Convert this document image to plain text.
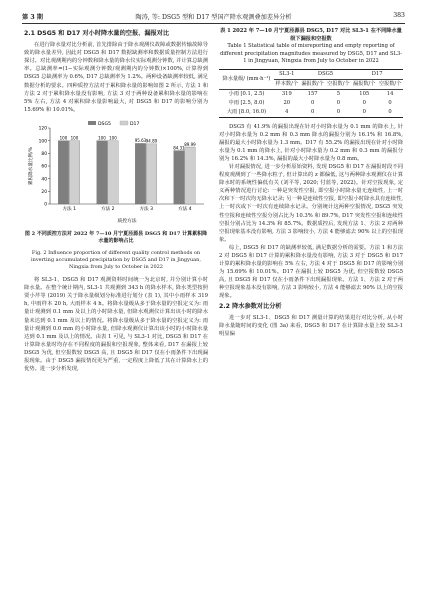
第 3 期	陶涛, 等: DSG5 型和 D17 型国产降水观测叠加差异分析	383
2.1 DSG5 和 D17 对小时降水量的空报、漏报对比

在进行降水量对比分析前, 首先排除由于降水观测仪故障或数据传输故障导致的降水量差异, 因此对 DSG5 和 D17 数据缺测率和数据质量控制方法进行探讨。对比观测期内的分钟数和降水量的降水仪实际观测分钟数, 并计算总缺测率。总缺测率=(1−实际观测分钟数/观测期内的分钟数)×100%, 计算得到 DSG5 总缺测率为 0.6%, D17 总缺测率为 1.2%。两种设备缺测率较低, 满足数据分析的要求。四种质控方法对于累积降水量的影响如图 2 所示, 方法 1 和方法 2 对于累积降水量没有影响, 方法 3 对于两种设备累积降水量的影响在 5% 左右, 方法 4 对累积降水量影响最大, 对 DSG5 和 D17 的影响分别为 15.69% 和 10.01%。

DSG5	D17
累积降水量比例/%
质控方法
0
20
40
60
80
100
120
100 100
方法 1
100 100
方法 2
95.63 94.89
方法 3
84.31
89.99
方法 4
图 2 不同质控方法对 2022 年 7—10 月宁夏泾源县 DSG5 和 D17 计算累积降水量的影响占比
Fig. 2 Influence proportion of different quality control methods on inverting accumulated precipitation by DSG5 and D17 in Jingyuan, Ningxia from July to October in 2022

将 SL3-1、DSG5 和 D17 观测资料时间统一为北京时, 并分别计算小时降水量。在整个统计期内, SL3-1 共观测到 343 h 的降水样本, 降水类型按照贾小芹等 (2019) 关于降水量级划分标准进行划分 (表 1), 其中小雨样本 319 h, 中雨样本 20 h, 大雨样本 4 h。将降水量级从多于降水量的空报定义为: 雨量计观测到 0.1 mm 及以上的小时降水量, 但降水观测仪计算出该小时的降水量未达到 0.1 mm 及以上的情况。将降水量级从多于降水量的空报定义为: 雨量计观测到 0.0 mm 的小时降水量, 但降水观测仪计算出该小时的小时降水量达到 0.1 mm 及以上的情况。由表 1 可见, 与 SL3-1 对比, DSG5 和 D17 在计算降水量时均存在不同程度的漏报和空报现象, 整体来看, D17 在漏报上较 DSG5 为优, 但空报数较 DSG5 高, 且 DSG5 和 D17 仅在小雨条件下出现漏报现象。由于 DSG5 漏报情况更为严重, 一定程度上降低了其在计算降水上的优势。进一步分析发现,

表 1 2022 年 7—10 月宁夏泾源县 DSG5, D17 对比 SL3-1 在不同降水量级下漏报和空报数

Table 1 Statistical table of misreporting and empty reporting of different precipitation magnitudes measured by DSG5, D17 and SL3-1 in Jingyuan, Ningxia from July to October in 2022

降水量级/ (mm·h⁻¹)	SL3-1	DSG5		D17	
	样本数/个	漏报数/个	空报数/个	漏报数/个	空报数/个
小雨 [0.1, 2.5)	319	157	5	105	14
中雨 [2.5, 8.0)	20	0	0	0	0
大雨 [8.0, 16.0)	4	0	0	0	0

DSG5 有 41.9% 的漏报出现在针对小时降水量为 0.1 mm 的降水上, 针对小时降水量为 0.2 mm 和 0.3 mm 降水的漏报分别为 16.1% 和 16.8%, 漏报的最大小时降水量为 1.3 mm。D17 有 55.2% 的漏报出现在针对小时降水量为 0.1 mm 的降水上, 针对小时降水量为 0.2 mm 和 0.3 mm 的漏报分别为 16.2% 和 14.3%, 漏报的最大小时降水量为 0.8 mm。

针对漏报情况, 进一步分析原始资料, 发现 DSG5 和 D17 在漏报时段不同程度观测到了一些降水粒子, 但计算出的 z 都偏低, 这与两种降水观测仪在计算降水时的系统性偏低有关 (刘平等, 2020; 付蓝等, 2022)。针对空报现象, 定义两种情况进行讨论: 一种是突发性空报, 即空报小时降水量无连续性, 上一时次和下一时次均无降水记录; 另一种是连续性空报, 即空报小时降水具有连续性, 上一时次或下一时次有连续降水记录。分别统计这两种空报情况, DSG5 突发性空报和连续性空报分别占比为 10.3% 和 89.7%, D17 突发性空报和连续性空报分别占比为 14.3% 和 85.7%。数据质控后, 发现方法 1、方法 2 对两种空报现象基本没有影响, 方法 3 影响较小, 方法 4 能够滤去 90% 以上的空报现象。

综上, DSG5 和 D17 的缺测率较低, 满足数据分析的需要。方法 1 和方法 2 对 DSG5 和 D17 计算的累积降水量没有影响, 方法 3 对于 DSG5 和 D17 计算的累积降水量的影响在 5% 左右, 方法 4 对于 DSG5 和 D17 的影响分别为 15.69% 和 10.01%。D17 在漏报上较 DSG5 为优, 但空报数较 DSG5 高, 且 DSG5 和 D17 仅在小雨条件下出现漏报现象。方法 1、方法 2 对于两种空报现象基本没有影响, 方法 3 影响较小, 方法 4 能够滤去 90% 以上的空报现象。

2.2 降水参数对比分析

进一步对 SL3-1、DSG5 和 D17 测量计算的结果进行对比分析, 从小时降水量随时间的变化 (图 3a) 来看, DSG5 和 D17 在计算降水量上较 SL3-1 明显偏
